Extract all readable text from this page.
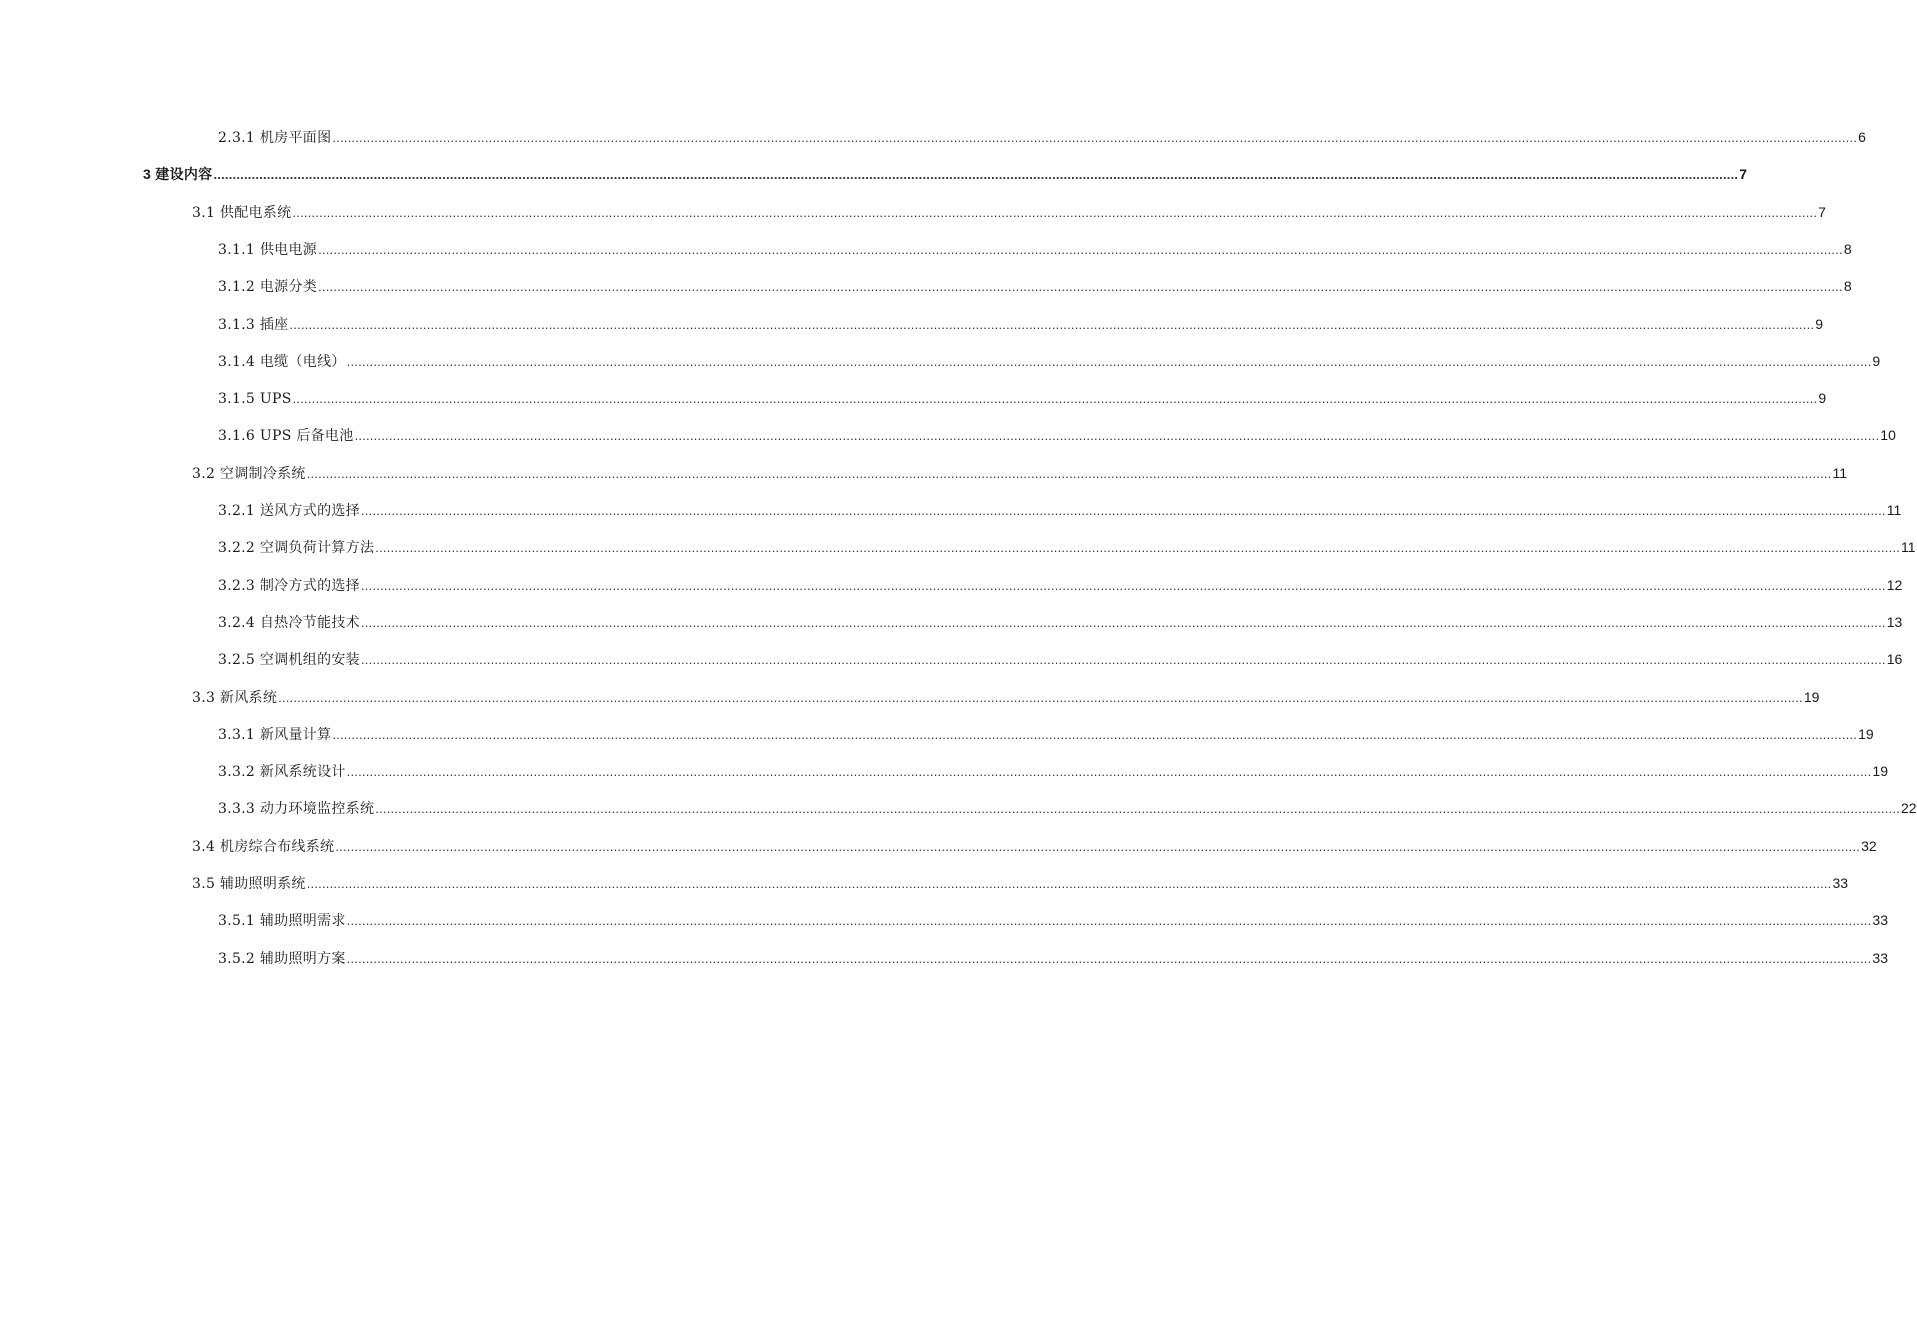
2.3.1 机房平面图 ................................................................................................................................................................................................................................................................................................................................................................................................................ 6
3 建设内容 ................................................................................................................................................................................................................................................................................................................................................................................................................ 7
3.1 供配电系统 ................................................................................................................................................................................................................................................................................................................................................................................................................ 7
3.1.1 供电电源 ................................................................................................................................................................................................................................................................................................................................................................................................................ 8
3.1.2 电源分类 ................................................................................................................................................................................................................................................................................................................................................................................................................ 8
3.1.3 插座 ................................................................................................................................................................................................................................................................................................................................................................................................................ 9
3.1.4 电缆（电线） ................................................................................................................................................................................................................................................................................................................................................................................................................ 9
3.1.5 UPS ................................................................................................................................................................................................................................................................................................................................................................................................................ 9
3.1.6 UPS 后备电池 ................................................................................................................................................................................................................................................................................................................................................................................................................ 10
3.2 空调制冷系统 ................................................................................................................................................................................................................................................................................................................................................................................................................ 11
3.2.1 送风方式的选择 ................................................................................................................................................................................................................................................................................................................................................................................................................ 11
3.2.2 空调负荷计算方法 ................................................................................................................................................................................................................................................................................................................................................................................................................ 11
3.2.3 制冷方式的选择 ................................................................................................................................................................................................................................................................................................................................................................................................................ 12
3.2.4 自热冷节能技术 ................................................................................................................................................................................................................................................................................................................................................................................................................ 13
3.2.5 空调机组的安装 ................................................................................................................................................................................................................................................................................................................................................................................................................ 16
3.3 新风系统 ................................................................................................................................................................................................................................................................................................................................................................................................................ 19
3.3.1 新风量计算 ................................................................................................................................................................................................................................................................................................................................................................................................................ 19
3.3.2 新风系统设计 ................................................................................................................................................................................................................................................................................................................................................................................................................ 19
3.3.3 动力环境监控系统 ................................................................................................................................................................................................................................................................................................................................................................................................................ 22
3.4 机房综合布线系统 ................................................................................................................................................................................................................................................................................................................................................................................................................ 32
3.5 辅助照明系统 ................................................................................................................................................................................................................................................................................................................................................................................................................ 33
3.5.1 辅助照明需求 ................................................................................................................................................................................................................................................................................................................................................................................................................ 33
3.5.2 辅助照明方案 ................................................................................................................................................................................................................................................................................................................................................................................................................ 33
